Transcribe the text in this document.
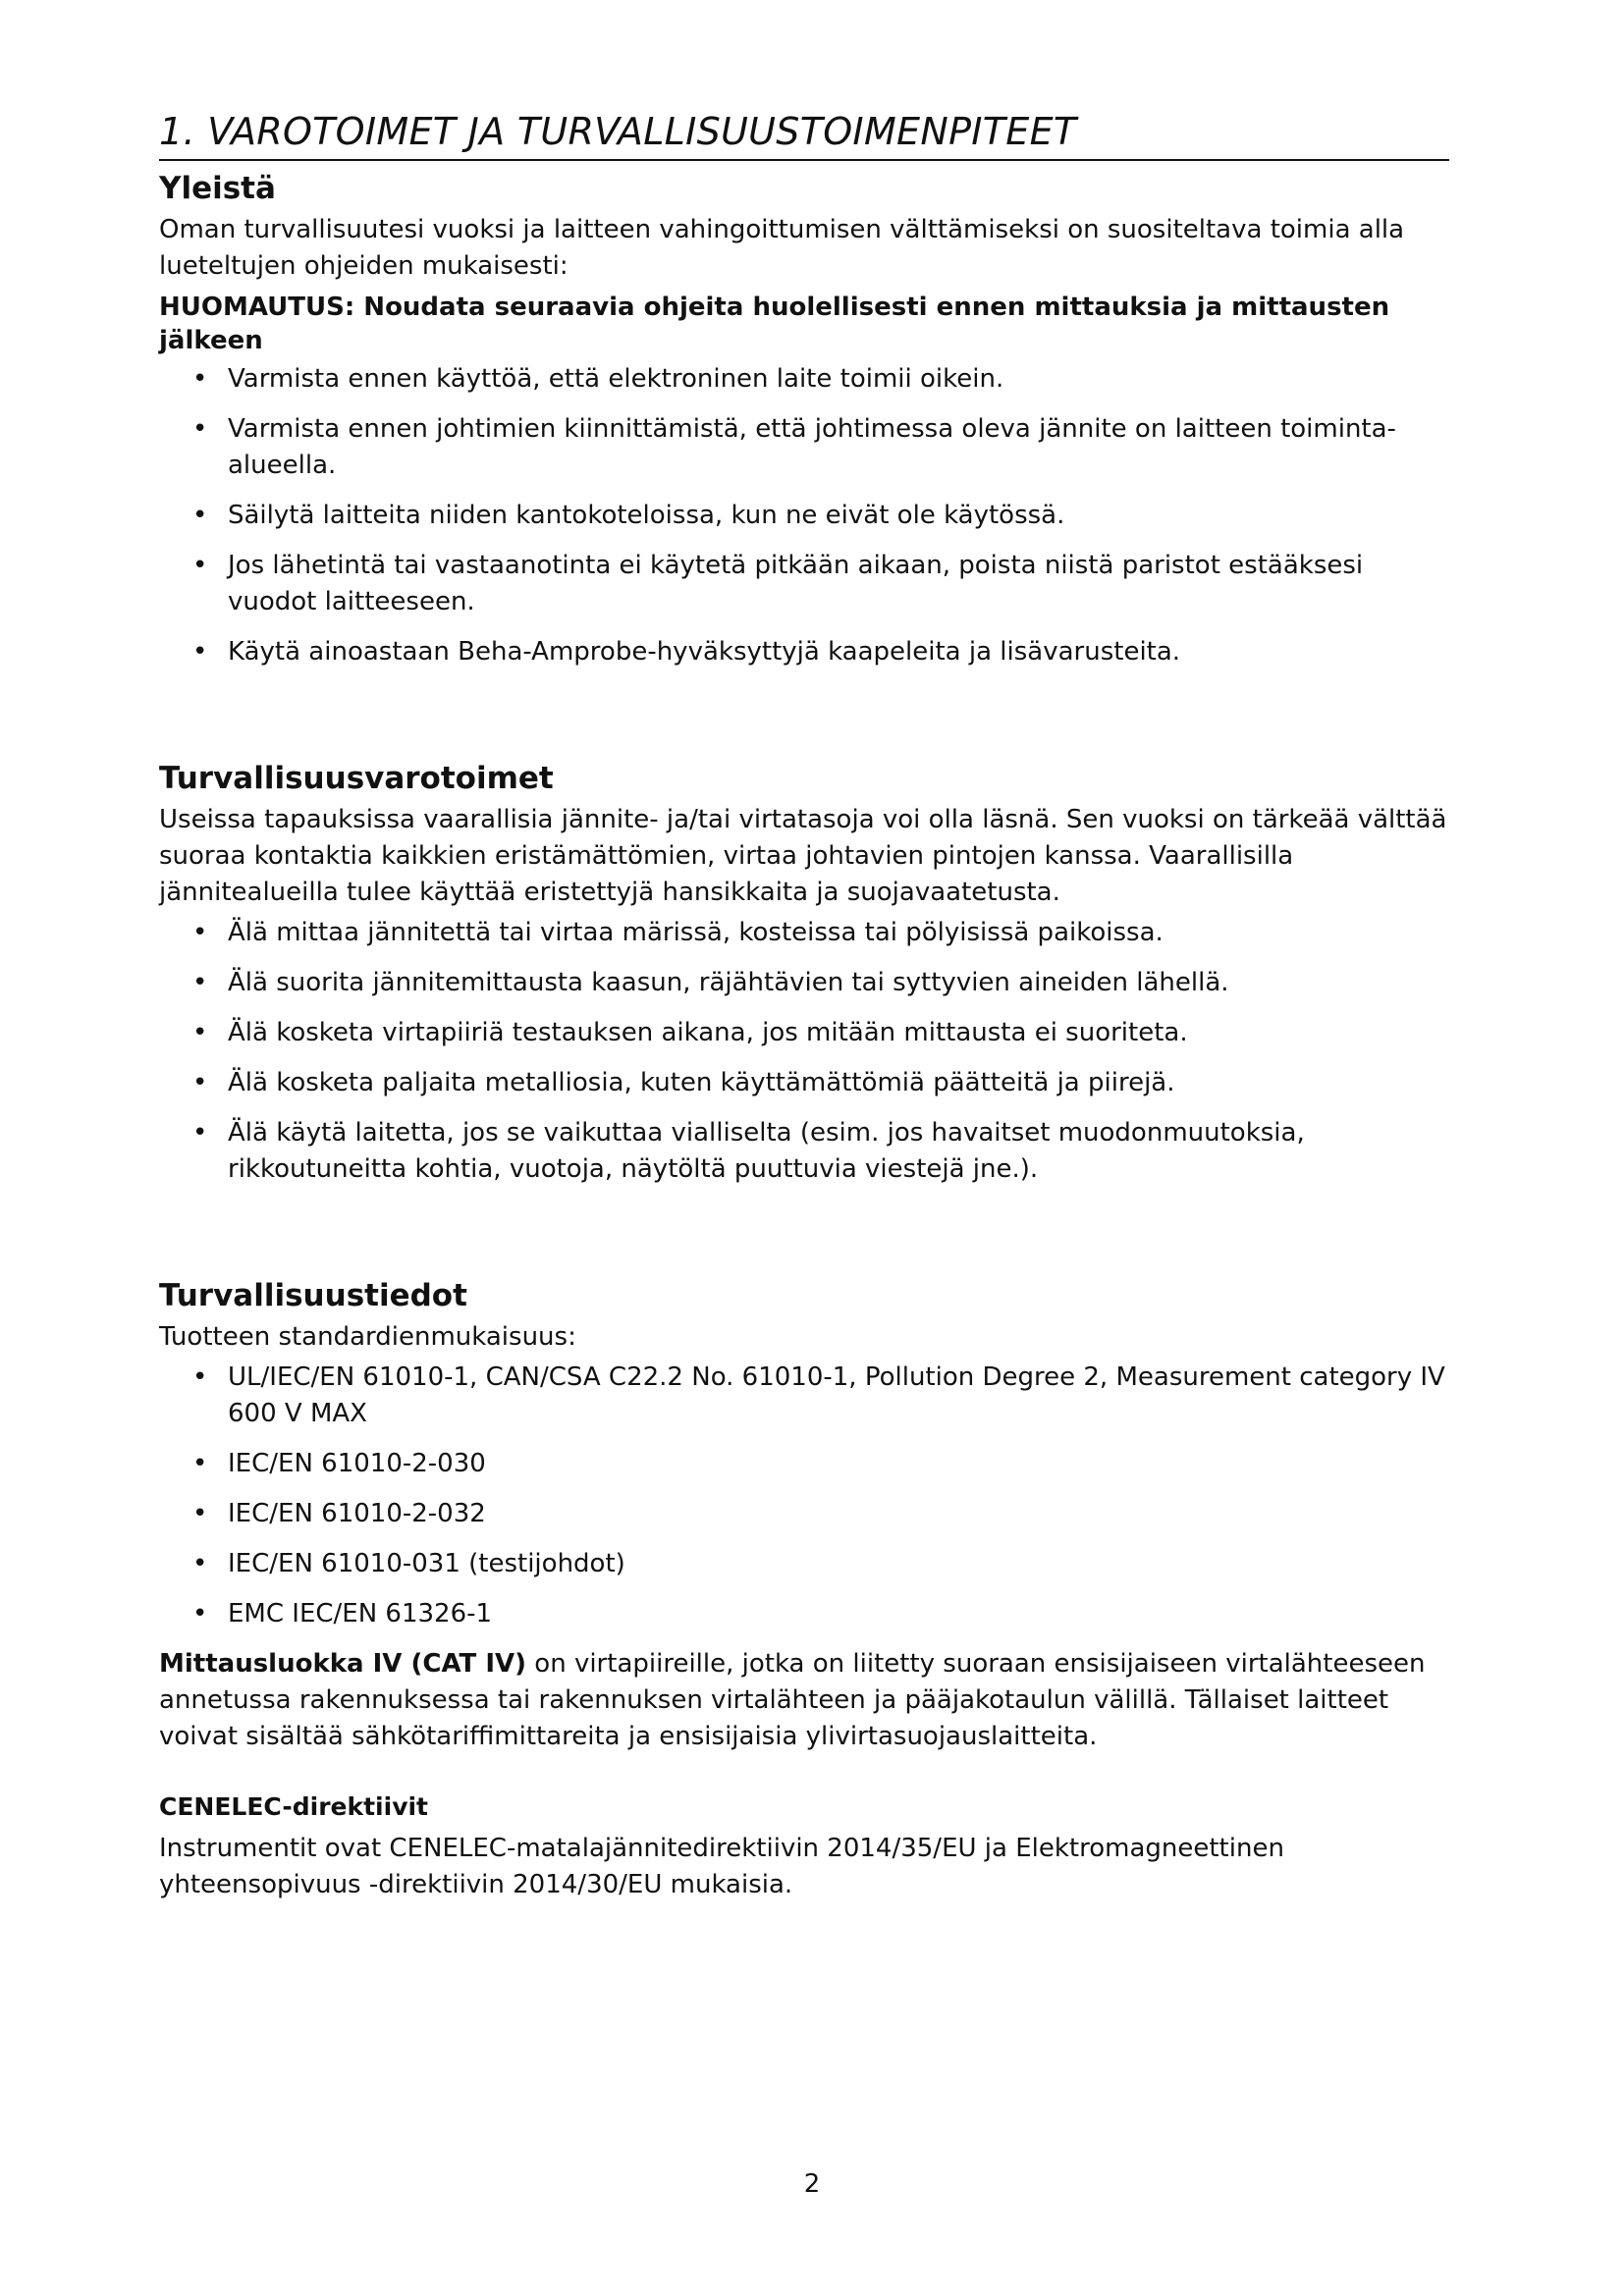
1. VAROTOIMET JA TURVALLISUUSTOIMENPITEET
Yleistä

Oman turvallisuutesi vuoksi ja laitteen vahingoittumisen välttämiseksi on suositeltava toimia alla lueteltujen ohjeiden mukaisesti:

HUOMAUTUS: Noudata seuraavia ohjeita huolellisesti ennen mittauksia ja mittausten jälkeen

• Varmista ennen käyttöä, että elektroninen laite toimii oikein.
• Varmista ennen johtimien kiinnittämistä, että johtimessa oleva jännite on laitteen toiminta-alueella.
• Säilytä laitteita niiden kantokoteloissa, kun ne eivät ole käytössä.
• Jos lähetintä tai vastaanotinta ei käytetä pitkään aikaan, poista niistä paristot estääksesi vuodot laitteeseen.
• Käytä ainoastaan Beha-Amprobe-hyväksyttyjä kaapeleita ja lisävarusteita.
Turvallisuusvarotoimet

Useissa tapauksissa vaarallisia jännite- ja/tai virtatasoja voi olla läsnä. Sen vuoksi on tärkeää välttää suoraa kontaktia kaikkien eristämättömien, virtaa johtavien pintojen kanssa. Vaarallisilla jännitealueilla tulee käyttää eristettyjä hansikkaita ja suojavaatetusta.

• Älä mittaa jännitettä tai virtaa märissä, kosteissa tai pölyisissä paikoissa.
• Älä suorita jännitemittausta kaasun, räjähtävien tai syttyvien aineiden lähellä.
• Älä kosketa virtapiiriä testauksen aikana, jos mitään mittausta ei suoriteta.
• Älä kosketa paljaita metalliosia, kuten käyttämättömiä päätteitä ja piirejä.
• Älä käytä laitetta, jos se vaikuttaa vialliselta (esim. jos havaitset muodonmuutoksia, rikkoutuneitta kohtia, vuotoja, näytöltä puuttuvia viestejä jne.).
Turvallisuustiedot

Tuotteen standardienmukaisuus:

• UL/IEC/EN 61010-1, CAN/CSA C22.2 No. 61010-1, Pollution Degree 2, Measurement category IV 600 V MAX
• IEC/EN 61010-2-030
• IEC/EN 61010-2-032
• IEC/EN 61010-031 (testijohdot)
• EMC IEC/EN 61326-1

Mittausluokka IV (CAT IV) on virtapiireille, jotka on liitetty suoraan ensisijaiseen virtalähteeseen annetussa rakennuksessa tai rakennuksen virtalähteen ja pääjakotaulun välillä. Tällaiset laitteet voivat sisältää sähkötariffimittareita ja ensisijaisia ylivirtasuojauslaitteita.

CENELEC-direktiivit

Instrumentit ovat CENELEC-matalajännitedirektiivin 2014/35/EU ja Elektromagneettinen yhteensopivuus -direktiivin 2014/30/EU mukaisia.

2
